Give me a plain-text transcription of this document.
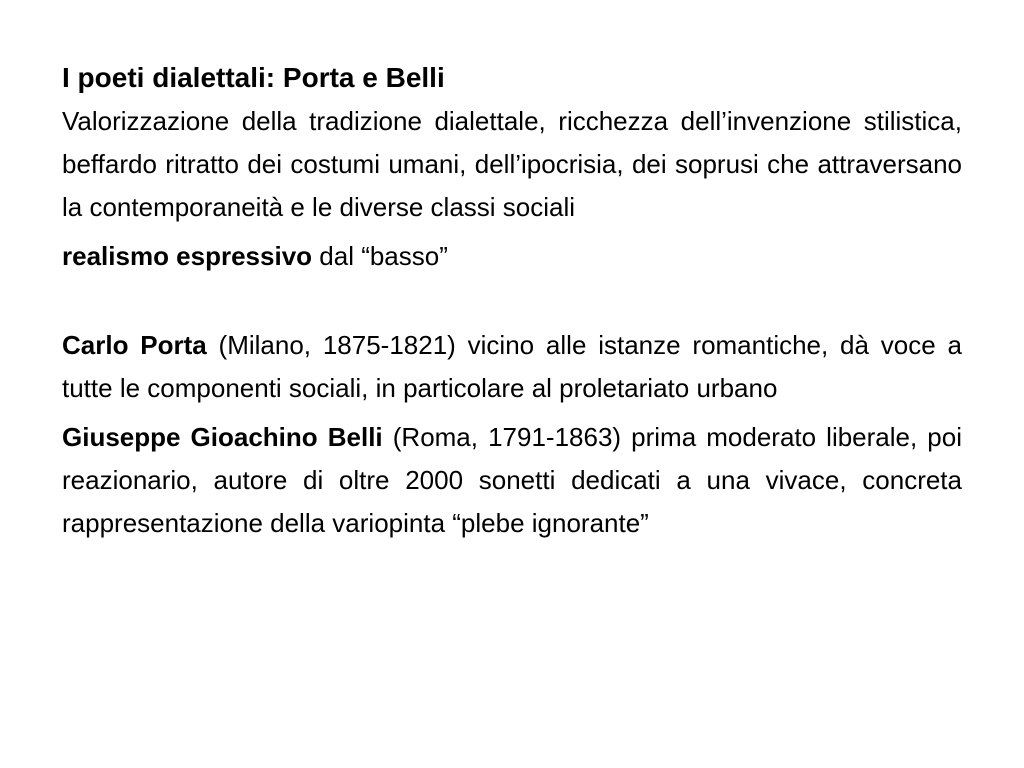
I poeti dialettali: Porta e Belli

Valorizzazione della tradizione dialettale, ricchezza dell’invenzione stilistica, beffardo ritratto dei costumi umani, dell’ipocrisia, dei soprusi che attraversano la contemporaneità e le diverse classi sociali

realismo espressivo dal “basso”

Carlo Porta (Milano, 1875-1821) vicino alle istanze romantiche, dà voce a tutte le componenti sociali, in particolare al proletariato urbano

Giuseppe Gioachino Belli (Roma, 1791-1863) prima moderato liberale, poi reazionario, autore di oltre 2000 sonetti dedicati a una vivace, concreta rappresentazione della variopinta “plebe ignorante”
